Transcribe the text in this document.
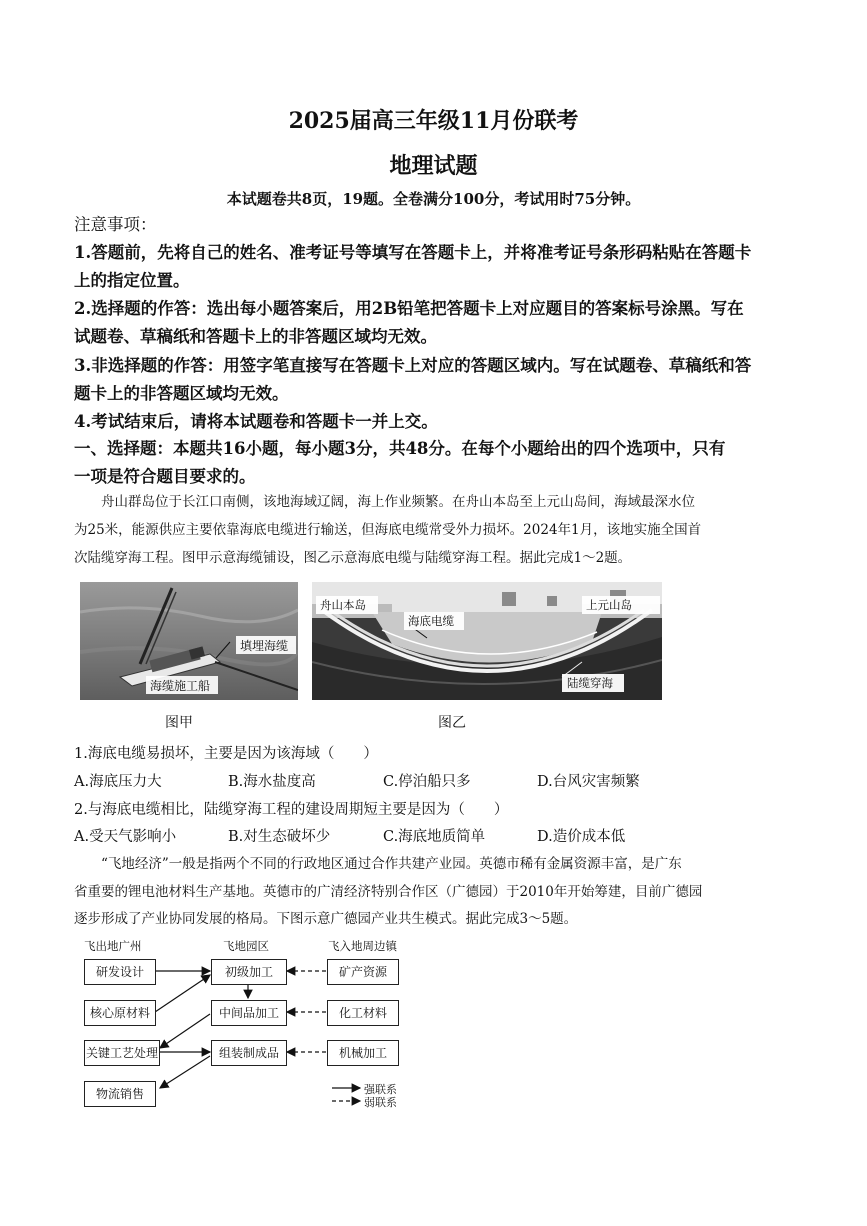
2025届高三年级11月份联考
地理试题
本试题卷共8页，19题。全卷满分100分，考试用时75分钟。
注意事项：
1.答题前，先将自己的姓名、准考证号等填写在答题卡上，并将准考证号条形码粘贴在答题卡
上的指定位置。
2.选择题的作答：选出每小题答案后，用2B铅笔把答题卡上对应题目的答案标号涂黑。写在
试题卷、草稿纸和答题卡上的非答题区域均无效。
3.非选择题的作答：用签字笔直接写在答题卡上对应的答题区域内。写在试题卷、草稿纸和答
题卡上的非答题区域均无效。
4.考试结束后，请将本试题卷和答题卡一并上交。
一、选择题：本题共16小题，每小题3分，共48分。在每个小题给出的四个选项中，只有
一项是符合题目要求的。
　　舟山群岛位于长江口南侧，该地海域辽阔，海上作业频繁。在舟山本岛至上元山岛间，海域最深水位
为25米，能源供应主要依靠海底电缆进行输送，但海底电缆常受外力损坏。2024年1月，该地实施全国首
次陆缆穿海工程。图甲示意海缆铺设，图乙示意海底电缆与陆缆穿海工程。据此完成1～2题。
填埋海缆
海缆施工船
图甲
舟山本岛	上元山岛
海底电缆
陆缆穿海
图乙
1.海底电缆易损坏，主要是因为该海域（　　）
A.海底压力大	B.海水盐度高	C.停泊船只多	D.台风灾害频繁
2.与海底电缆相比，陆缆穿海工程的建设周期短主要是因为（　　）
A.受天气影响小	B.对生态破坏少	C.海底地质简单	D.造价成本低
　　“飞地经济”一般是指两个不同的行政地区通过合作共建产业园。英德市稀有金属资源丰富，是广东
省重要的锂电池材料生产基地。英德市的广清经济特别合作区（广德园）于2010年开始筹建，目前广德园
逐步形成了产业协同发展的格局。下图示意广德园产业共生模式。据此完成3～5题。
飞出地广州	飞地园区	飞入地周边镇
研发设计
核心原材料
关键工艺处理
物流销售
初级加工
中间品加工
组装制成品
矿产资源
化工材料
机械加工
强联系
弱联系
